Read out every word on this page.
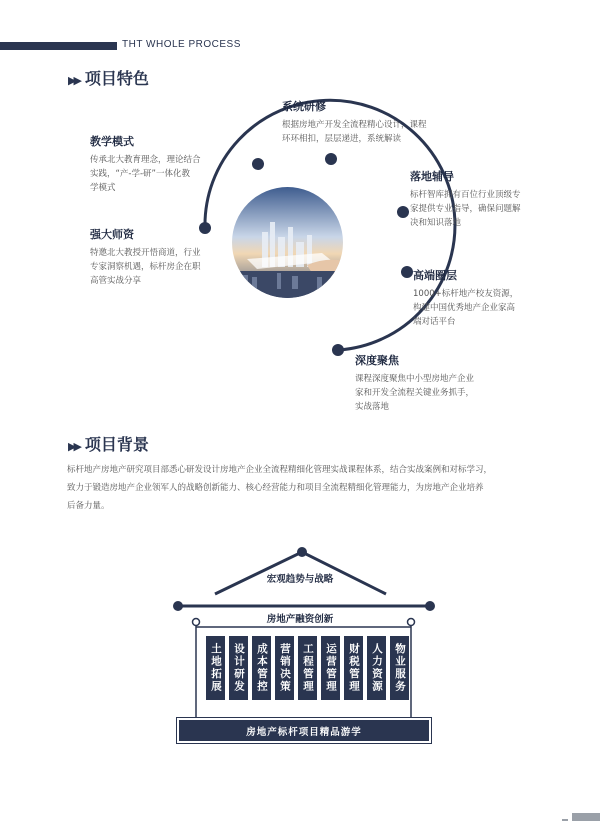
THT WHOLE PROCESS
▶▶ 项目特色
系统研修
根据房地产开发全流程精心设计，课程
环环相扣，层层递进，系统解读
教学模式
传承北大教育理念，理论结合
实践，“产-学-研”一体化教
学模式
落地辅导
标杆智库拥有百位行业顶级专
家提供专业指导，确保问题解
决和知识落地
强大师资
特邀北大教授开悟商道，行业
专家洞察机遇，标杆房企在职
高管实战分享	高端圈层
1000+标杆地产校友资源，
构建中国优秀地产企业家高
端对话平台
深度聚焦
课程深度聚焦中小型房地产企业
家和开发全流程关键业务抓手，
实战落地
▶▶ 项目背景
标杆地产房地产研究项目部悉心研发设计房地产企业全流程精细化管理实战课程体系，结合实战案例和对标学习，
致力于锻造房地产企业领军人的战略创新能力、核心经营能力和项目全流程精细化管理能力，为房地产企业培养
后备力量。
宏观趋势与战略
房地产融资创新
土地拓展	设计研发	成本管控	营销决策	工程管理	运营管理	财税管理	人力资源	物业服务
房地产标杆项目精品游学
